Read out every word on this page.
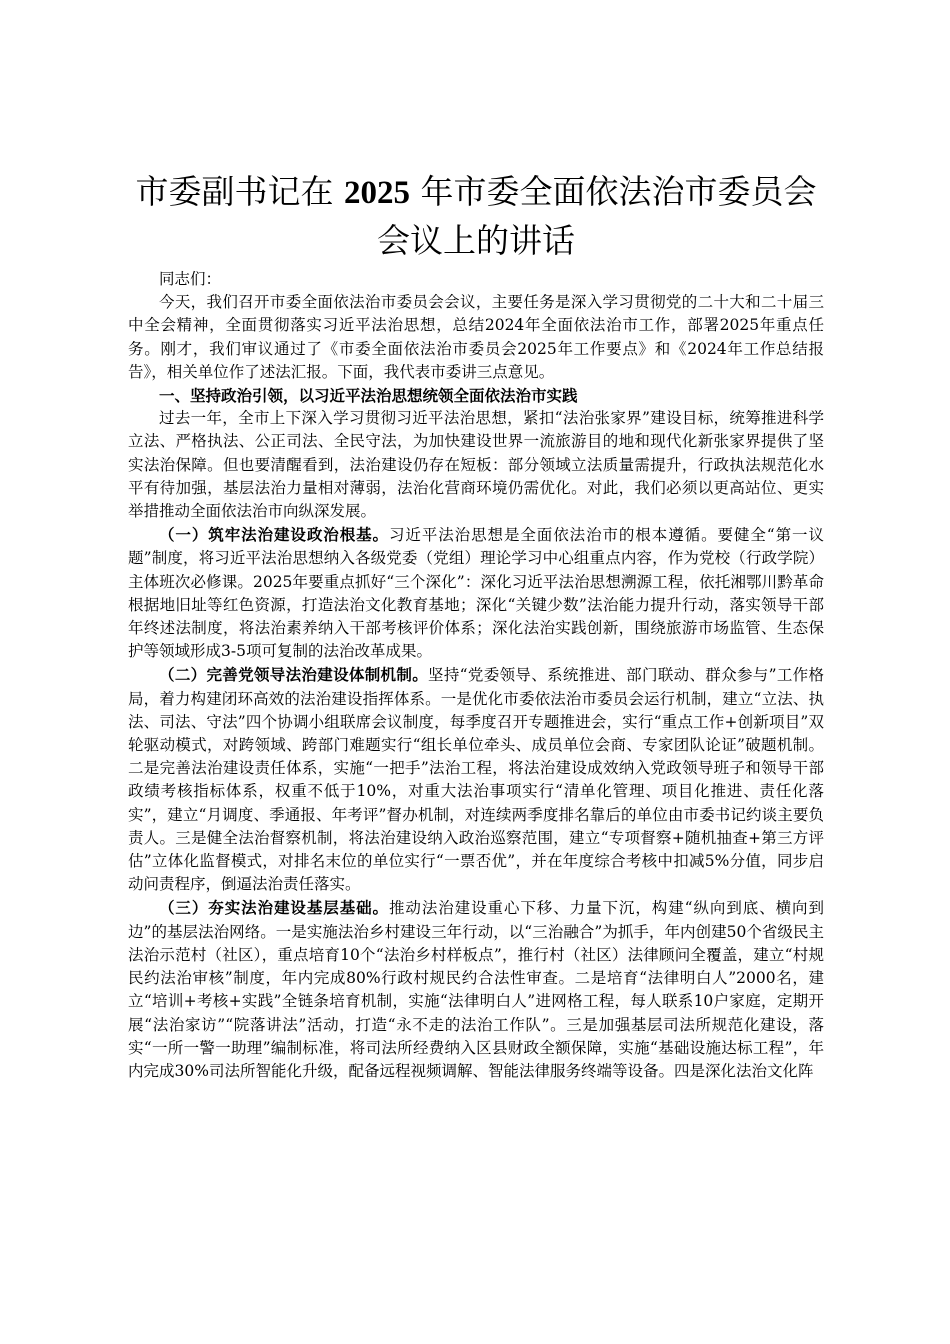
市委副书记在 2025 年市委全面依法治市委员会会议上的讲话

同志们：

今天，我们召开市委全面依法治市委员会会议，主要任务是深入学习贯彻党的二十大和二十届三中全会精神，全面贯彻落实习近平法治思想，总结2024年全面依法治市工作，部署2025年重点任务。刚才，我们审议通过了《市委全面依法治市委员会2025年工作要点》和《2024年工作总结报告》，相关单位作了述法汇报。下面，我代表市委讲三点意见。

一、坚持政治引领，以习近平法治思想统领全面依法治市实践

过去一年，全市上下深入学习贯彻习近平法治思想，紧扣“法治张家界”建设目标，统筹推进科学立法、严格执法、公正司法、全民守法，为加快建设世界一流旅游目的地和现代化新张家界提供了坚实法治保障。但也要清醒看到，法治建设仍存在短板：部分领域立法质量需提升，行政执法规范化水平有待加强，基层法治力量相对薄弱，法治化营商环境仍需优化。对此，我们必须以更高站位、更实举措推动全面依法治市向纵深发展。

（一）筑牢法治建设政治根基。习近平法治思想是全面依法治市的根本遵循。要健全“第一议题”制度，将习近平法治思想纳入各级党委（党组）理论学习中心组重点内容，作为党校（行政学院）主体班次必修课。2025年要重点抓好“三个深化”：深化习近平法治思想溯源工程，依托湘鄂川黔革命根据地旧址等红色资源，打造法治文化教育基地；深化“关键少数”法治能力提升行动，落实领导干部年终述法制度，将法治素养纳入干部考核评价体系；深化法治实践创新，围绕旅游市场监管、生态保护等领域形成3-5项可复制的法治改革成果。

（二）完善党领导法治建设体制机制。坚持“党委领导、系统推进、部门联动、群众参与”工作格局，着力构建闭环高效的法治建设指挥体系。一是优化市委依法治市委员会运行机制，建立“立法、执法、司法、守法”四个协调小组联席会议制度，每季度召开专题推进会，实行“重点工作+创新项目”双轮驱动模式，对跨领域、跨部门难题实行“组长单位牵头、成员单位会商、专家团队论证”破题机制。二是完善法治建设责任体系，实施“一把手”法治工程，将法治建设成效纳入党政领导班子和领导干部政绩考核指标体系，权重不低于10%，对重大法治事项实行“清单化管理、项目化推进、责任化落实”，建立“月调度、季通报、年考评”督办机制，对连续两季度排名靠后的单位由市委书记约谈主要负责人。三是健全法治督察机制，将法治建设纳入政治巡察范围，建立“专项督察+随机抽查+第三方评估”立体化监督模式，对排名末位的单位实行“一票否优”，并在年度综合考核中扣减5%分值，同步启动问责程序，倒逼法治责任落实。

（三）夯实法治建设基层基础。推动法治建设重心下移、力量下沉，构建“纵向到底、横向到边”的基层法治网络。一是实施法治乡村建设三年行动，以“三治融合”为抓手，年内创建50个省级民主法治示范村（社区），重点培育10个“法治乡村样板点”，推行村（社区）法律顾问全覆盖，建立“村规民约法治审核”制度，年内完成80%行政村规民约合法性审查。二是培育“法律明白人”2000名，建立“培训+考核+实践”全链条培育机制，实施“法律明白人”进网格工程，每人联系10户家庭，定期开展“法治家访”“院落讲法”活动，打造“永不走的法治工作队”。三是加强基层司法所规范化建设，落实“一所一警一助理”编制标准，将司法所经费纳入区县财政全额保障，实施“基础设施达标工程”，年内完成30%司法所智能化升级，配备远程视频调解、智能法律服务终端等设备。四是深化法治文化阵
